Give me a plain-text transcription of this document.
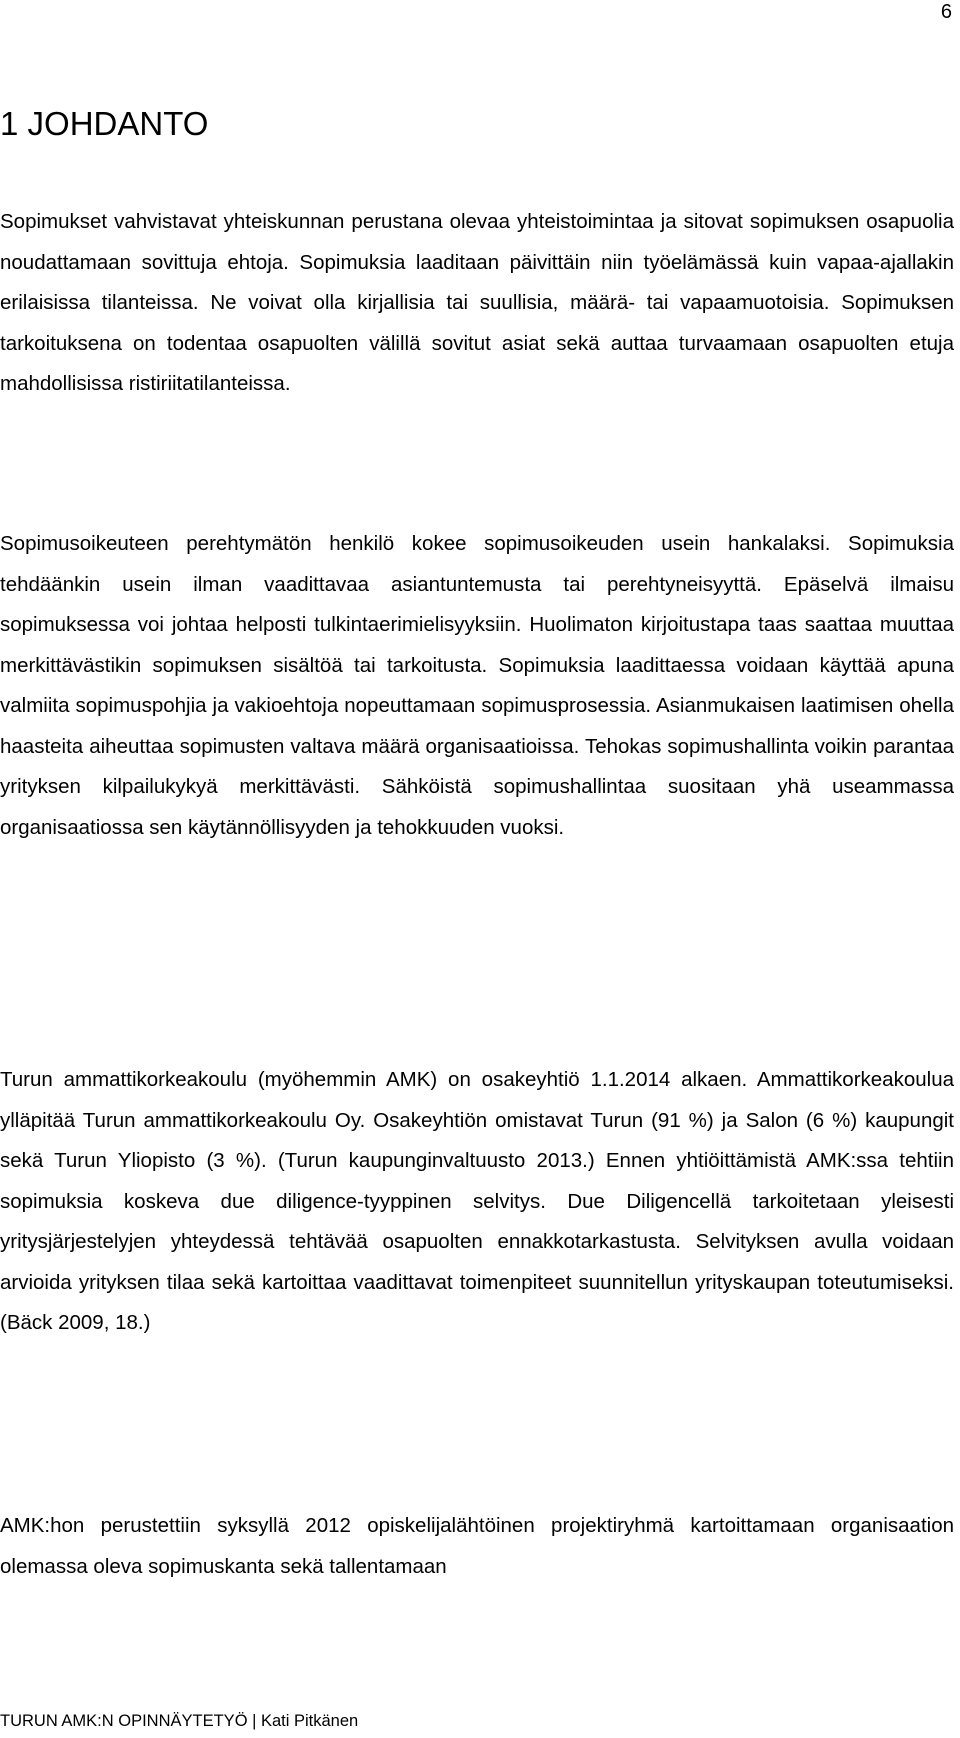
6
1 JOHDANTO

Sopimukset vahvistavat yhteiskunnan perustana olevaa yhteistoimintaa ja sitovat sopimuksen osapuolia noudattamaan sovittuja ehtoja. Sopimuksia laaditaan päivittäin niin työelämässä kuin vapaa-ajallakin erilaisissa tilanteissa. Ne voivat olla kirjallisia tai suullisia, määrä- tai vapaamuotoisia. Sopimuksen tarkoituksena on todentaa osapuolten välillä sovitut asiat sekä auttaa turvaamaan osapuolten etuja mahdollisissa ristiriitatilanteissa.

Sopimusoikeuteen perehtymätön henkilö kokee sopimusoikeuden usein hankalaksi. Sopimuksia tehdäänkin usein ilman vaadittavaa asiantuntemusta tai perehtyneisyyttä. Epäselvä ilmaisu sopimuksessa voi johtaa helposti tulkintaerimielisyyksiin. Huolimaton kirjoitustapa taas saattaa muuttaa merkittävästikin sopimuksen sisältöä tai tarkoitusta. Sopimuksia laadittaessa voidaan käyttää apuna valmiita sopimuspohjia ja vakioehtoja nopeuttamaan sopimusprosessia. Asianmukaisen laatimisen ohella haasteita aiheuttaa sopimusten valtava määrä organisaatioissa. Tehokas sopimushallinta voikin parantaa yrityksen kilpailukykyä merkittävästi. Sähköistä sopimushallintaa suositaan yhä useammassa organisaatiossa sen käytännöllisyyden ja tehokkuuden vuoksi.

Turun ammattikorkeakoulu (myöhemmin AMK) on osakeyhtiö 1.1.2014 alkaen. Ammattikorkeakoulua ylläpitää Turun ammattikorkeakoulu Oy. Osakeyhtiön omistavat Turun (91 %) ja Salon (6 %) kaupungit sekä Turun Yliopisto (3 %). (Turun kaupunginvaltuusto 2013.) Ennen yhtiöittämistä AMK:ssa tehtiin sopimuksia koskeva due diligence-tyyppinen selvitys. Due Diligencellä tarkoitetaan yleisesti yritysjärjestelyjen yhteydessä tehtävää osapuolten ennakkotarkastusta. Selvityksen avulla voidaan arvioida yrityksen tilaa sekä kartoittaa vaadittavat toimenpiteet suunnitellun yrityskaupan toteutumiseksi. (Bäck 2009, 18.)

AMK:hon perustettiin syksyllä 2012 opiskelijalähtöinen projektiryhmä kartoittamaan organisaation olemassa oleva sopimuskanta sekä tallentamaan

TURUN AMK:N OPINNÄYTETYÖ | Kati Pitkänen
